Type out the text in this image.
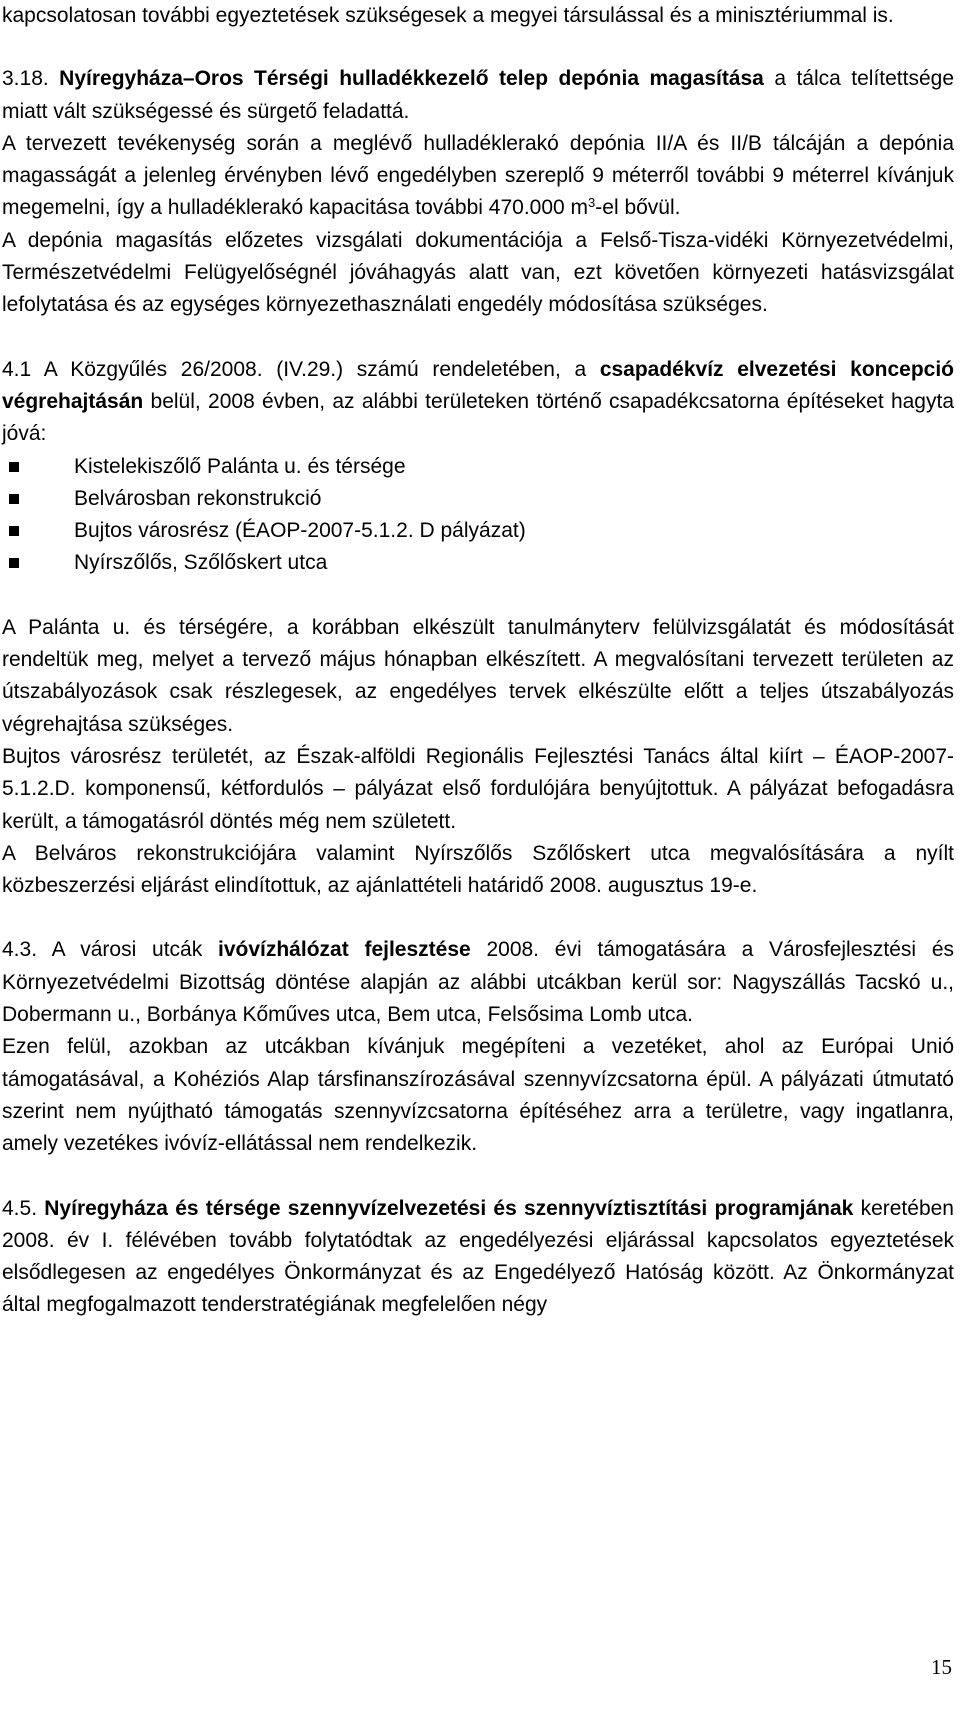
kapcsolatosan további egyeztetések szükségesek a megyei társulással és a minisztériummal is.

3.18. Nyíregyháza–Oros Térségi hulladékkezelő telep depónia magasítása a tálca telítettsége miatt vált szükségessé és sürgető feladattá.

A tervezett tevékenység során a meglévő hulladéklerakó depónia II/A és II/B tálcáján a depónia magasságát a jelenleg érvényben lévő engedélyben szereplő 9 méterről további 9 méterrel kívánjuk megemelni, így a hulladéklerakó kapacitása további 470.000 $m^3-el$ bővül.

A depónia magasítás előzetes vizsgálati dokumentációja a Felső-Tisza-vidéki Környezetvédelmi, Természetvédelmi Felügyelőségnél jóváhagyás alatt van, ezt követően környezeti hatásvizsgálat lefolytatása és az egységes környezethasználati engedély módosítása szükséges.

4.1 A Közgyűlés 26/2008. (IV.29.) számú rendeletében, a csapadékvíz elvezetési koncepció végrehajtásán belül, 2008 évben, az alábbi területeken történő csapadékcsatorna építéseket hagyta jóvá:

Kistelekiszőlő Palánta u. és térsége
Belvárosban rekonstrukció
Bujtos városrész (ÉAOP-2007-5.1.2. D pályázat)
Nyírszőlős, Szőlőskert utca

A Palánta u. és térségére, a korábban elkészült tanulmányterv felülvizsgálatát és módosítását rendeltük meg, melyet a tervező május hónapban elkészített. A megvalósítani tervezett területen az útszabályozások csak részlegesek, az engedélyes tervek elkészülte előtt a teljes útszabályozás végrehajtása szükséges.

Bujtos városrész területét, az Észak-alföldi Regionális Fejlesztési Tanács által kiírt – ÉAOP-2007-5.1.2.D. komponensű, kétfordulós – pályázat első fordulójára benyújtottuk. A pályázat befogadásra került, a támogatásról döntés még nem született.

A Belváros rekonstrukciójára valamint Nyírszőlős Szőlőskert utca megvalósítására a nyílt közbeszerzési eljárást elindítottuk, az ajánlattételi határidő 2008. augusztus 19-e.

4.3. A városi utcák ivóvízhálózat fejlesztése 2008. évi támogatására a Városfejlesztési és Környezetvédelmi Bizottság döntése alapján az alábbi utcákban kerül sor: Nagyszállás Tacskó u., Dobermann u., Borbánya Kőműves utca, Bem utca, Felsősima Lomb utca.

Ezen felül, azokban az utcákban kívánjuk megépíteni a vezetéket, ahol az Európai Unió támogatásával, a Kohéziós Alap társfinanszírozásával szennyvízcsatorna épül. A pályázati útmutató szerint nem nyújtható támogatás szennyvízcsatorna építéséhez arra a területre, vagy ingatlanra, amely vezetékes ivóvíz-ellátással nem rendelkezik.

4.5. Nyíregyháza és térsége szennyvízelvezetési és szennyvíztisztítási programjának keretében 2008. év I. félévében tovább folytatódtak az engedélyezési eljárással kapcsolatos egyeztetések elsődlegesen az engedélyes Önkormányzat és az Engedélyező Hatóság között. Az Önkormányzat által megfogalmazott tenderstratégiának megfelelően négy

15
